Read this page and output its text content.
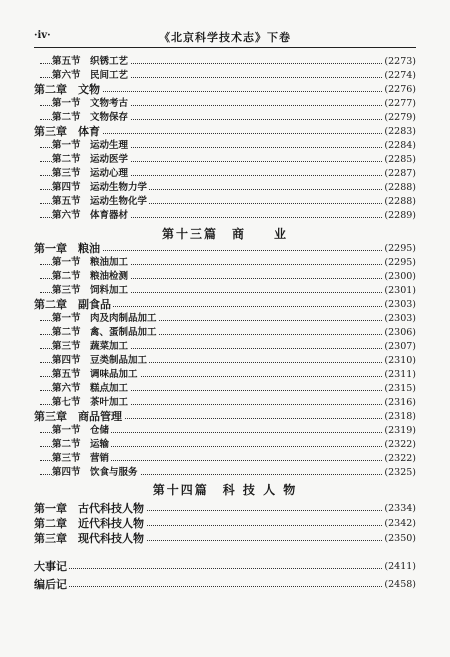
·iv·	《北京科学技术志》下卷
第五节　织锈工艺	(2273)
第六节　民间工艺	(2274)
第二章　文物	(2276)
第一节　文物考古	(2277)
第二节　文物保存	(2279)
第三章　体育	(2283)
第一节　运动生理	(2284)
第二节　运动医学	(2285)
第三节　运动心理	(2287)
第四节　运动生物力学	(2288)
第五节　运动生物化学	(2288)
第六节　体育器材	(2289)
第十三篇　商　　业
第一章　粮油	(2295)
第一节　粮油加工	(2295)
第二节　粮油检测	(2300)
第三节　饲料加工	(2301)
第二章　副食品	(2303)
第一节　肉及肉制品加工	(2303)
第二节　禽、蛋制品加工	(2306)
第三节　蔬菜加工	(2307)
第四节　豆类制品加工	(2310)
第五节　调味品加工	(2311)
第六节　糕点加工	(2315)
第七节　茶叶加工	(2316)
第三章　商品管理	(2318)
第一节　仓储	(2319)
第二节　运输	(2322)
第三节　营销	(2322)
第四节　饮食与服务	(2325)
第十四篇　科 技 人 物
第一章　古代科技人物	(2334)
第二章　近代科技人物	(2342)
第三章　现代科技人物	(2350)
大事记	(2411)
编后记	(2458)
